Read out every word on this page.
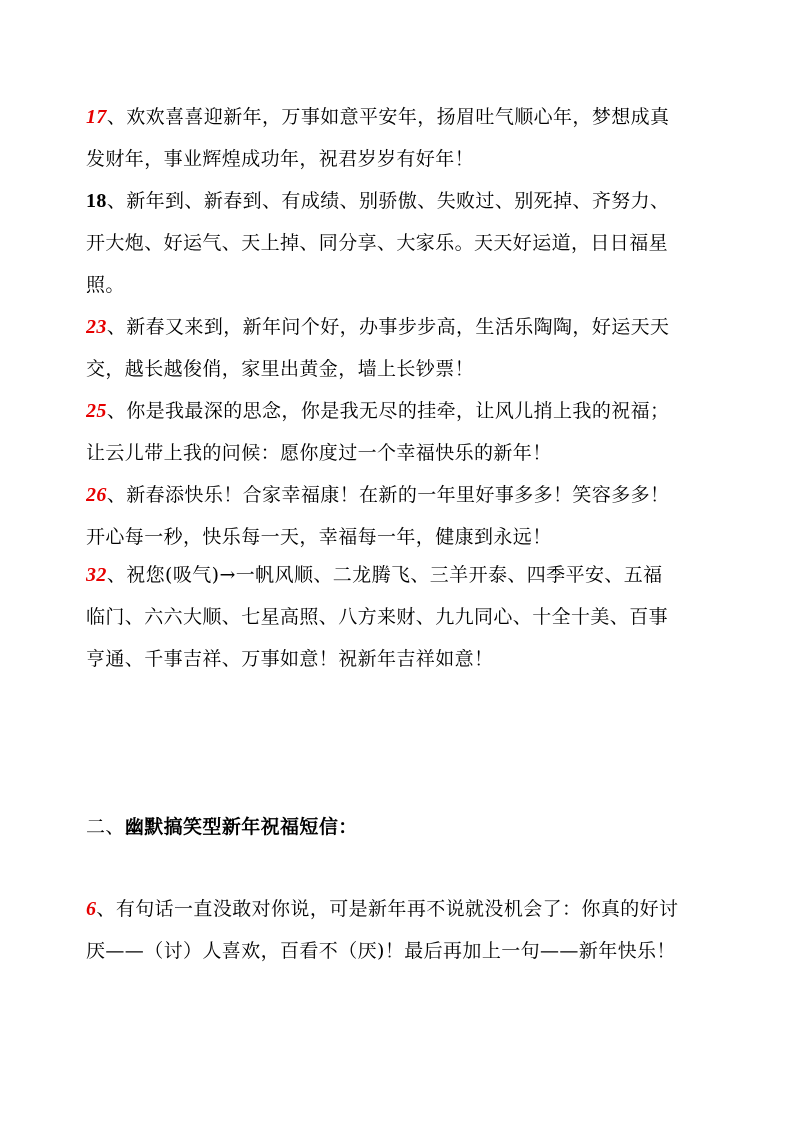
17、欢欢喜喜迎新年，万事如意平安年，扬眉吐气顺心年，梦想成真
发财年，事业辉煌成功年，祝君岁岁有好年！
18、新年到、新春到、有成绩、别骄傲、失败过、别死掉、齐努力、
开大炮、好运气、天上掉、同分享、大家乐。天天好运道，日日福星
照。
23、新春又来到，新年问个好，办事步步高，生活乐陶陶，好运天天
交，越长越俊俏，家里出黄金，墙上长钞票！
25、你是我最深的思念，你是我无尽的挂牵，让风儿捎上我的祝福；
让云儿带上我的问候：愿你度过一个幸福快乐的新年！
26、新春添快乐！合家幸福康！在新的一年里好事多多！笑容多多！
开心每一秒，快乐每一天，幸福每一年，健康到永远！
32、祝您(吸气)→一帆风顺、二龙腾飞、三羊开泰、四季平安、五福
临门、六六大顺、七星高照、八方来财、九九同心、十全十美、百事
亨通、千事吉祥、万事如意！祝新年吉祥如意！
二、幽默搞笑型新年祝福短信：
6、有句话一直没敢对你说，可是新年再不说就没机会了：你真的好讨
厌——（讨）人喜欢，百看不（厌)！最后再加上一句——新年快乐！
